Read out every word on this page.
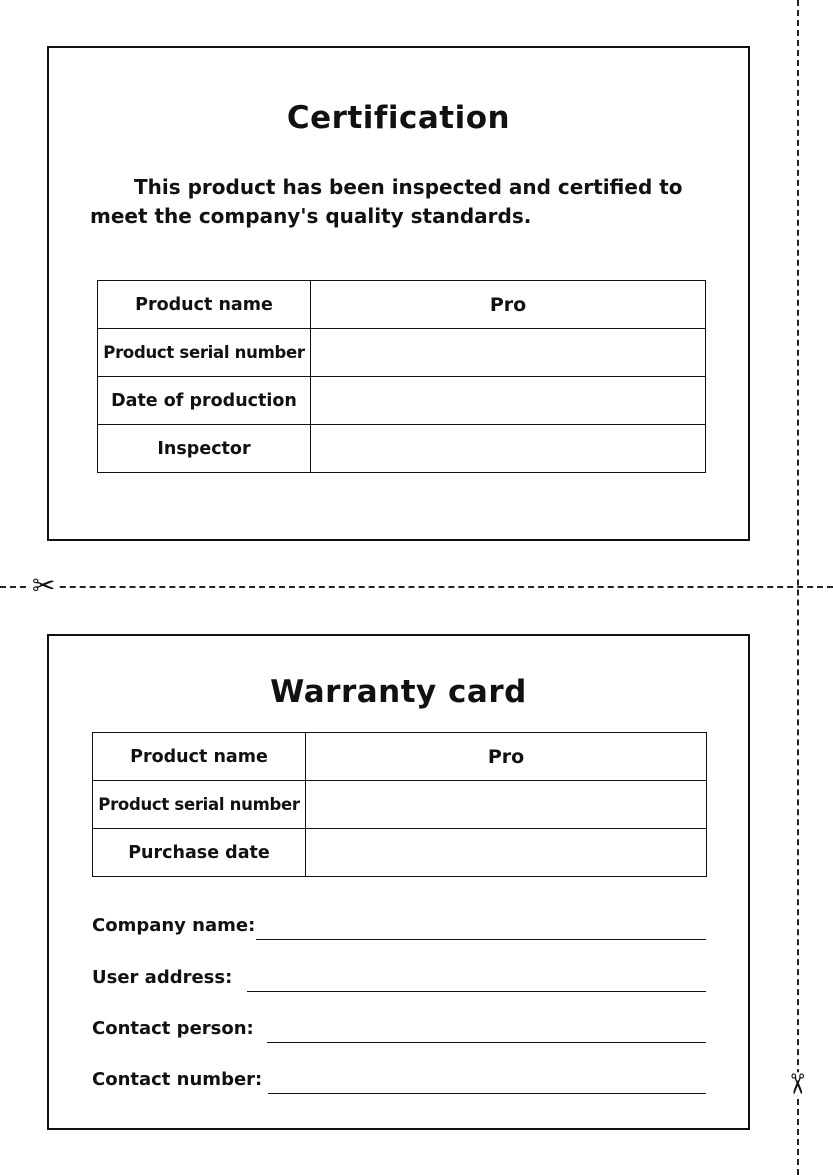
✂
✂
Certification
This product has been inspected and certified to meet the company's quality standards.
Product name	Pro
Product serial number	
Date of production	
Inspector	
Warranty card
Product name	Pro
Product serial number	
Purchase date	
Company name:
User address:
Contact person:
Contact number:
